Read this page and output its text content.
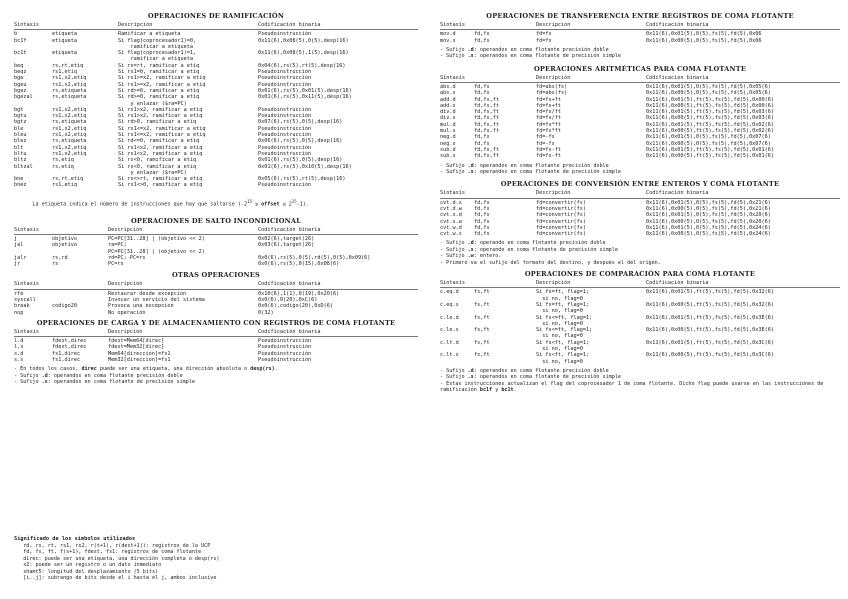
OPERACIONES DE RAMIFICACIÓN
Sintaxis	Descripción	Codificación binaria
b	etiqueta	Ramificar a etiqueta	Pseudoinstrucción
bc1f	etiqueta	Si flag(coprocesador1)=0,	0x11(6),0x08(5),0(5),desp(16)
ramificar a etiqueta
bc1t	etiqueta	Si flag(coprocesador1)=1,	0x11(6),0x08(5),1(5),desp(16)
ramificar a etiqueta
beq	rs,rt,etiq	Si rs=rt, ramificar a etiq	0x04(6),rs(5),rt(5),desp(16)
beqz	rs1,etiq	Si rs1=0, ramificar a etiq	Pseudoinstrucción
bge	rs1,x2,etiq	Si rs1>=x2, ramificar a etiq	Pseudoinstrucción
bgeu	rs1,x2,etiq	Si rs1>=x2, ramificar a etiq	Pseudoinstrucción
bgez	rs,etiqueta	Si rd>=0, ramificar a etiq	0x01(6),rs(5),0x01(5),desp(16)
bgezal	rs,etiqueta	Si rd>=0, ramificar a etiq	0x01(6),rs(5),0x11(5),desp(16)
y enlazar ($ra=PC)
bgt	rs1,x2,etiq	Si rs1>x2, ramificar a etiq	Pseudoinstrucción
bgtu	rs1,x2,etiq	Si rs1>x2, ramificar a etiq	Pseudoinstrucción
bgtz	rs,etiqueta	Si rd>0, ramificar a etiq	0x07(6),rs(5),0(5),desp(16)
ble	rs1,x2,etiq	Si rs1<=x2, ramificar a etiq	Pseudoinstrucción
bleu	rs1,x2,etiq	Si rs1<=x2, ramificar a etiq	Pseudoinstrucción
blez	rs,etiqueta	Si rd<=0, ramificar a etiq	0x06(6),rs(5),0(5),desp(16)
blt	rs1,x2,etiq	Si rs1<x2, ramificar a etiq	Pseudoinstrucción
bltu	rs1,x2,etiq	Si rs1<x2, ramificar a etiq	Pseudoinstrucción
bltz	rs,etiq	Si rs<0, ramificar a etiq	0x01(6),rs(5),0(5),desp(16)
bltzal	rs,etiq	Si rs<0, ramificar a etiq	0x01(6),rs(5),0x10(5),desp(16)
y enlazar ($ra=PC)
bne	rs,rt,etiq	Si rs<>rt, ramificar a etiq	0x05(6),rs(5),rt(5),desp(16)
bnez	rs1,etiq	Si rs1<>0, ramificar a etiq	Pseudoinstrucción

La etiqueta indica el número de instrucciones que hay que saltarse ($-2^{15}$ ≤ offset ≤ $2^{15}-1$).

OPERACIONES DE SALTO INCONDICIONAL
Sintaxis	Descripción	Codificación binaria
j	objetivo	PC=PC[31..28] | (objetivo << 2)	0x02(6),target(26)
jal	objetivo	ra=PC;	0x03(6),target(26)
PC=PC[31..28] | (objetivo << 2)
jalr	rs,rd	rd=PC; PC=rs	0x0(6),rs(5),0(5),rd(5),0(5),0x09(6)
jr	rs	PC=rs	0x0(6),rs(5),0(15),0x08(6)
OTRAS OPERACIONES
Sintaxis	Descripción	Codificación binaria
rfe	Restaurar desde excepción	0x10(6),1(1),0(19),0x20(6)
syscall	Invocar un servicio del sistema	0x0(6),0(20),0xC(6)
break	codigo20	Provoca una excepción	0x0(6),codigo(20),0xD(6)
nop	No operación	0(32)
OPERACIONES DE CARGA Y DE ALMACENAMIENTO CON REGISTROS DE COMA FLOTANTE
Sintaxis	Descripción	Codificación binaria
l.d	fdest,direc	fdest=Mem64[direc]	Pseudoinstrucción
l.s	fdest,direc	fdest=Mem32[direc]	Pseudoinstrucción
s.d	fs1,direc	Mem64[direccion]=fs1	Pseudoinstrucción
s.s	fs1,direc	Mem32[direccion]=fs1	Pseudoinstrucción
- En todos los casos, direc puede ser una etiqueta, una dirección absoluta o desp(rs).
- Sufijo .d: operandos en coma flotante precisión doble
- Sufijo .s: operandos en coma flotante de precisión simple
Significado de los símbolos utilizados
rd, rs, rt, rs1, rs2, r(t+1), r(dest+1)): registros de la UCP
fd, fs, ft, f(s+1), fdest, fs1: registros de coma flotante
direc: puede ser una etiqueta, una dirección completa o desp(rs)
x2: puede ser un registro o un dato inmediato
shamt5: longitud del desplazamiento (5 bits)
[i..j]: subrango de bits desde el i hasta el j, ambos inclusive
OPERACIONES DE TRANSFERENCIA ENTRE REGISTROS DE COMA FLOTANTE
Sintaxis	Descripción	Codificación binaria
mov.d	fd,fs	fd=fs	0x11(6),0x01(5),0(5),fs(5),fd(5),0x06
mov.s	fd,fs	fd=fs	0x11(6),0x00(5),0(5),fs(5),fd(5),0x06
- Sufijo .d: operandos en coma flotante precisión doble
- Sufijo .s: operandos en coma flotante de precisión simple
OPERACIONES ARITMÉTICAS PARA COMA FLOTANTE
Sintaxis	Descripción	Codificación binaria
abs.d	fd,fs	fd=abs(fs)	0x11(6),0x01(5),0(5),fs(5),fd(5),0x05(6)
abs.s	fd,fs	fd=abs(fs)	0x11(6),0x00(5),0(5),fs(5),fd(5),0x05(6)
add.d	fd,fs,ft	fd=fs+ft	0x11(6),0x01(5),ft(5),fs(5),fd(5),0x00(6)
add.s	fd,fs,ft	fd=fs+ft	0x11(6),0x00(5),ft(5),fs(5),fd(5),0x00(6)
div.d	fd,fs,ft	fd=fs/ft	0x11(6),0x01(5),ft(5),fs(5),fd(5),0x03(6)
div.s	fd,fs,ft	fd=fs/ft	0x11(6),0x00(5),ft(5),fs(5),fd(5),0x03(6)
mul.d	fd,fs,ft	fd=fs*ft	0x11(6),0x01(5),ft(5),fs(5),fd(5),0x02(6)
mul.s	fd,fs,ft	fd=fs*ft	0x11(6),0x00(5),ft(5),fs(5),fd(5),0x02(6)
neg.d	fd,fs	fd=-fs	0x11(6),0x01(5),0(5),fs(5),fd(5),0x07(6)
neg.s	fd,fs	fd=-fs	0x11(6),0x00(5),0(5),fs(5),fd(5),0x07(6)
sub.d	fd,fs,ft	fd=fs-ft	0x11(6),0x01(5),ft(5),fs(5),fd(5),0x01(6)
sub.s	fd,fs,ft	fd=fs-ft	0x11(6),0x00(5),ft(5),fs(5),fd(5),0x01(6)
- Sufijo .d: operandos en coma flotante precisión doble
- Sufijo .s: operandos en coma flotante de precisión simple
OPERACIONES DE CONVERSIÓN ENTRE ENTEROS Y COMA FLOTANTE
Sintaxis	Descripción	Codificación binaria
cvt.d.s	fd,fs	fd=convertir(fs)	0x11(6),0x01(5),0(5),fs(5),fd(5),0x21(6)
cvt.d.w	fd,fs	fd=convertir(fs)	0x11(6),0x00(5),0(5),fs(5),fd(5),0x21(6)
cvt.s.d	fd,fs	fd=convertir(fs)	0x11(6),0x01(5),0(5),fs(5),fd(5),0x20(6)
cvt.s.w	fd,fs	fd=convertir(fs)	0x11(6),0x00(5),0(5),fs(5),fd(5),0x20(6)
cvt.w.d	fd,fs	fd=convertir(fs)	0x11(6),0x01(5),0(5),fs(5),fd(5),0x24(6)
cvt.w.s	fd,fs	fd=convertir(fs)	0x11(6),0x00(5),0(5),fs(5),fd(5),0x24(6)
- Sufijo .d: operando en coma flotante precisión doble
- Sufijo .s: operando en coma flotante de precisión simple
- Sufijo .w: entero.
- Primero va el sufijo del formato del destino, y después el del origen.
OPERACIONES DE COMPARACIÓN PARA COMA FLOTANTE
Sintaxis	Descripción	Codificación binaria
c.eq.d	fs,ft	Si fs=ft, flag=1;	0x11(6),0x01(5),ft(5),fs(5),fd(5),0x32(6)
si no, flag=0
c.eq.s	fs,ft	Si fs=ft, flag=1;	0x11(6),0x00(5),ft(5),fs(5),fd(5),0x32(6)
si no, flag=0
c.le.d	fs,ft	Si fs<=ft, flag=1;	0x11(6),0x01(5),ft(5),fs(5),fd(5),0x3E(6)
si no, flag=0
c.le.s	fs,ft	Si fs<=ft, flag=1;	0x11(6),0x00(5),ft(5),fs(5),fd(5),0x3E(6)
si no, flag=0
c.lt.d	fs,ft	Si fs<ft, flag=1;	0x11(6),0x01(5),ft(5),fs(5),fd(5),0x3C(6)
si no, flag=0
c.lt.s	fs,ft	Si fs<ft, flag=1;	0x11(6),0x00(5),ft(5),fs(5),fd(5),0x3C(6)
si no, flag=0
- Sufijo .d: operandos en coma flotante precisión doble
- Sufijo .s: operandos en coma flotante de precisión simple
- Estas instrucciones actualizan el flag del coprocesador 1 de coma flotante. Dicho flag puede usarse en las instrucciones de ramificación bc1f y bc1t.
